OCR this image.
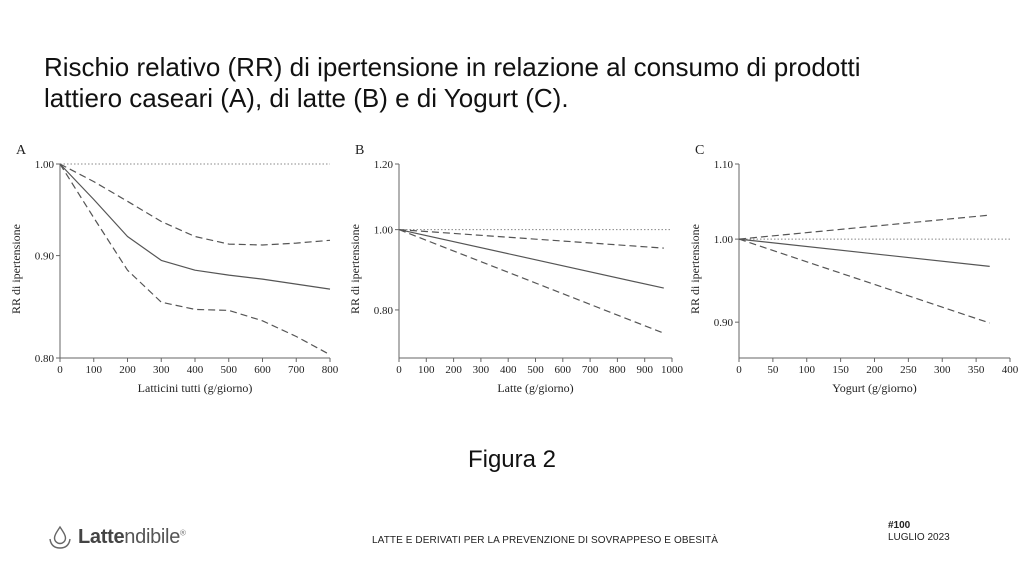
Rischio relativo (RR) di ipertensione in relazione al consumo di prodotti
lattiero caseari (A), di latte (B) e di Yogurt (C).
A
0.80
0.90
1.00
0 100 200 300 400 500 600 700 800
Latticini tutti (g/giorno)
RR di ipertensione
B
0.80
1.00
1.20
0 100 200 300 400 500 600 700 800 900 1000
Latte (g/giorno)
RR di ipertensione
C
0.90
1.00
1.10
0 50 100 150 200 250 300 350 400
Yogurt (g/giorno)
RR di ipertensione
Figura 2
Lattendibile®
LATTE E DERIVATI PER LA PREVENZIONE DI SOVRAPPESO E OBESITÀ
#100
LUGLIO 2023
